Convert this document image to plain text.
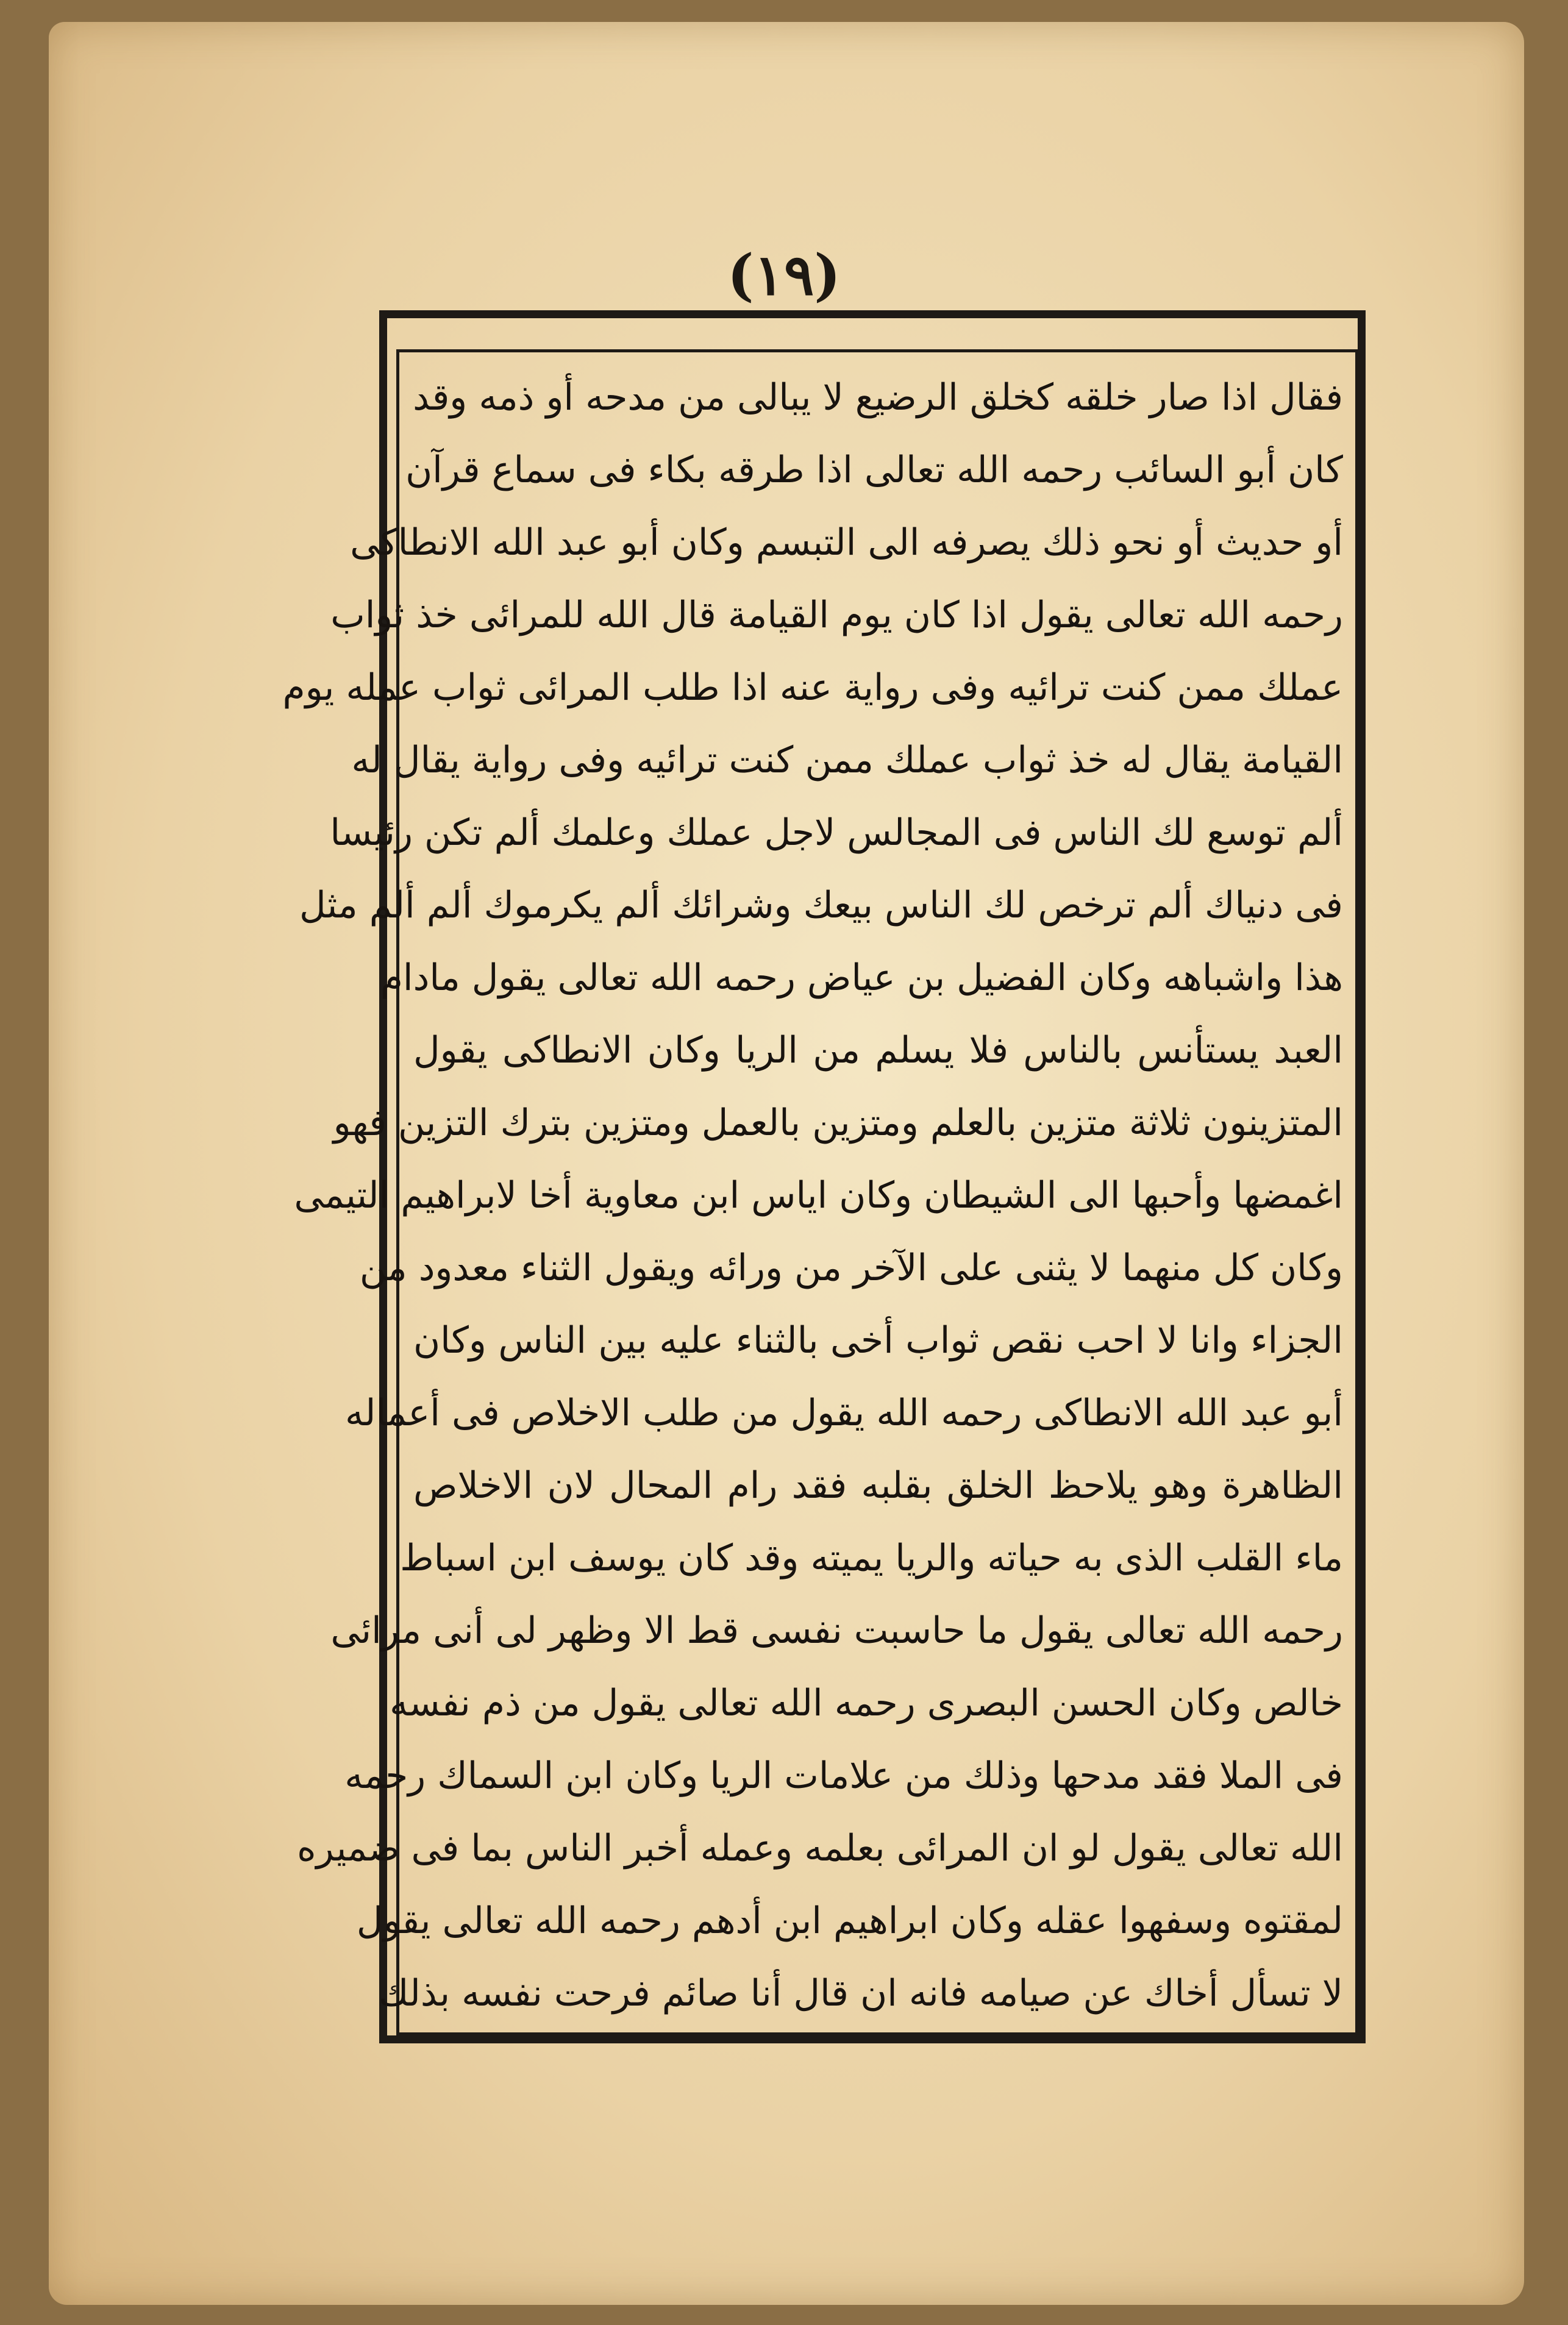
(١٩)
فقال اذا صار خلقه كخلق الرضيع لا يبالى من مدحه أو ذمه وقد
كان أبو السائب رحمه الله تعالى اذا طرقه بكاء فى سماع قرآن
أو حديث أو نحو ذلك يصرفه الى التبسم وكان أبو عبد الله الانطاكى
رحمه الله تعالى يقول اذا كان يوم القيامة قال الله للمرائى خذ ثواب
عملك ممن كنت ترائيه وفى رواية عنه اذا طلب المرائى ثواب عمله يوم
القيامة يقال له خذ ثواب عملك ممن كنت ترائيه وفى رواية يقال له
ألم توسع لك الناس فى المجالس لاجل عملك وعلمك ألم تكن رئيسا
فى دنياك ألم ترخص لك الناس بيعك وشرائك ألم يكرموك ألم ألم مثل
هذا واشباهه وكان الفضيل بن عياض رحمه الله تعالى يقول مادام
العبد يستأنس بالناس فلا يسلم من الريا وكان الانطاكى يقول
المتزينون ثلاثة متزين بالعلم ومتزين بالعمل ومتزين بترك التزين فهو
اغمضها وأحبها الى الشيطان وكان اياس ابن معاوية أخا لابراهيم التيمى
وكان كل منهما لا يثنى على الآخر من ورائه ويقول الثناء معدود من
الجزاء وانا لا احب نقص ثواب أخى بالثناء عليه بين الناس وكان
أبو عبد الله الانطاكى رحمه الله يقول من طلب الاخلاص فى أعماله
الظاهرة وهو يلاحظ الخلق بقلبه فقد رام المحال لان الاخلاص
ماء القلب الذى به حياته والريا يميته وقد كان يوسف ابن اسباط
رحمه الله تعالى يقول ما حاسبت نفسى قط الا وظهر لى أنى مرائى
خالص وكان الحسن البصرى رحمه الله تعالى يقول من ذم نفسه
فى الملا فقد مدحها وذلك من علامات الريا وكان ابن السماك رحمه
الله تعالى يقول لو ان المرائى بعلمه وعمله أخبر الناس بما فى ضميره
لمقتوه وسفهوا عقله وكان ابراهيم ابن أدهم رحمه الله تعالى يقول
لا تسأل أخاك عن صيامه فانه ان قال أنا صائم فرحت نفسه بذلك
